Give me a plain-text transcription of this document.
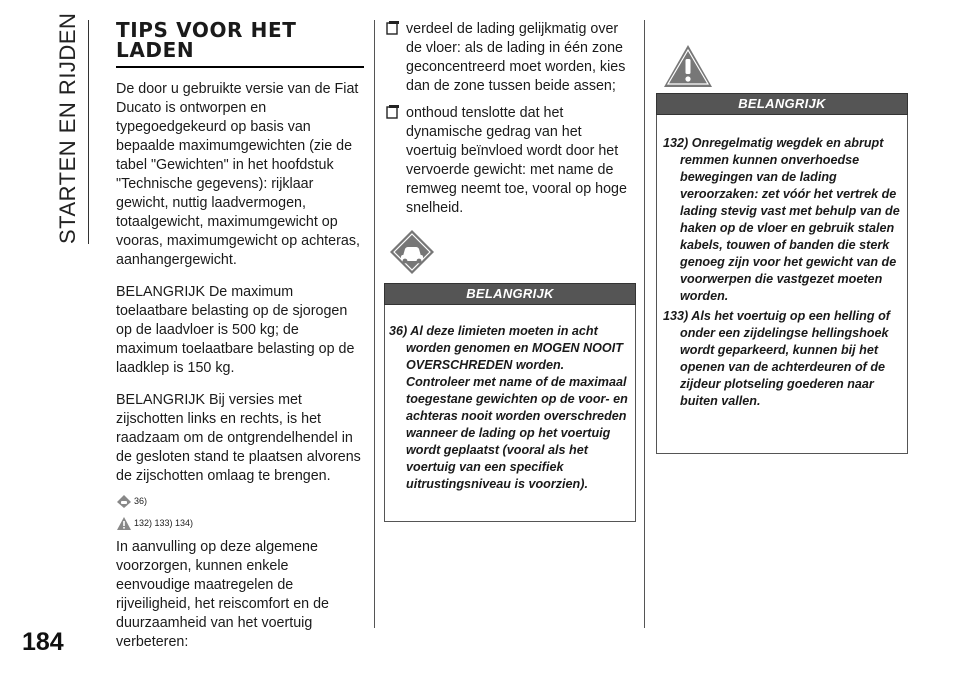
STARTEN EN RIJDEN
184
TIPS VOOR HET LADEN

De door u gebruikte versie van de Fiat Ducato is ontworpen en typegoedgekeurd op basis van bepaalde maximumgewichten (zie de tabel "Gewichten" in het hoofdstuk "Technische gegevens): rijklaar gewicht, nuttig laadvermogen, totaalgewicht, maximumgewicht op vooras, maximumgewicht op achteras, aanhangergewicht.

BELANGRIJK De maximum toelaatbare belasting op de sjorogen op de laadvloer is 500 kg; de maximum toelaatbare belasting op de laadklep is 150 kg.

BELANGRIJK Bij versies met zijschotten links en rechts, is het raadzaam om de ontgrendelhendel in de gesloten stand te plaatsen alvorens de zijschotten omlaag te brengen.

36)
132) 133) 134)

In aanvulling op deze algemene voorzorgen, kunnen enkele eenvoudige maatregelen de rijveiligheid, het reiscomfort en de duurzaamheid van het voertuig verbeteren:

verdeel de lading gelijkmatig over de vloer: als de lading in één zone geconcentreerd moet worden, kies dan de zone tussen beide assen;

onthoud tenslotte dat het dynamische gedrag van het voertuig beïnvloed wordt door het vervoerde gewicht: met name de remweg neemt toe, vooral op hoge snelheid.

BELANGRIJK

36) Al deze limieten moeten in acht worden genomen en MOGEN NOOIT OVERSCHREDEN worden. Controleer met name of de maximaal toegestane gewichten op de voor- en achteras nooit worden overschreden wanneer de lading op het voertuig wordt geplaatst (vooral als het voertuig van een specifiek uitrustingsniveau is voorzien).

BELANGRIJK

132) Onregelmatig wegdek en abrupt remmen kunnen onverhoedse bewegingen van de lading veroorzaken: zet vóór het vertrek de lading stevig vast met behulp van de haken op de vloer en gebruik stalen kabels, touwen of banden die sterk genoeg zijn voor het gewicht van de voorwerpen die vastgezet moeten worden.

133) Als het voertuig op een helling of onder een zijdelingse hellingshoek wordt geparkeerd, kunnen bij het openen van de achterdeuren of de zijdeur plotseling goederen naar buiten vallen.
